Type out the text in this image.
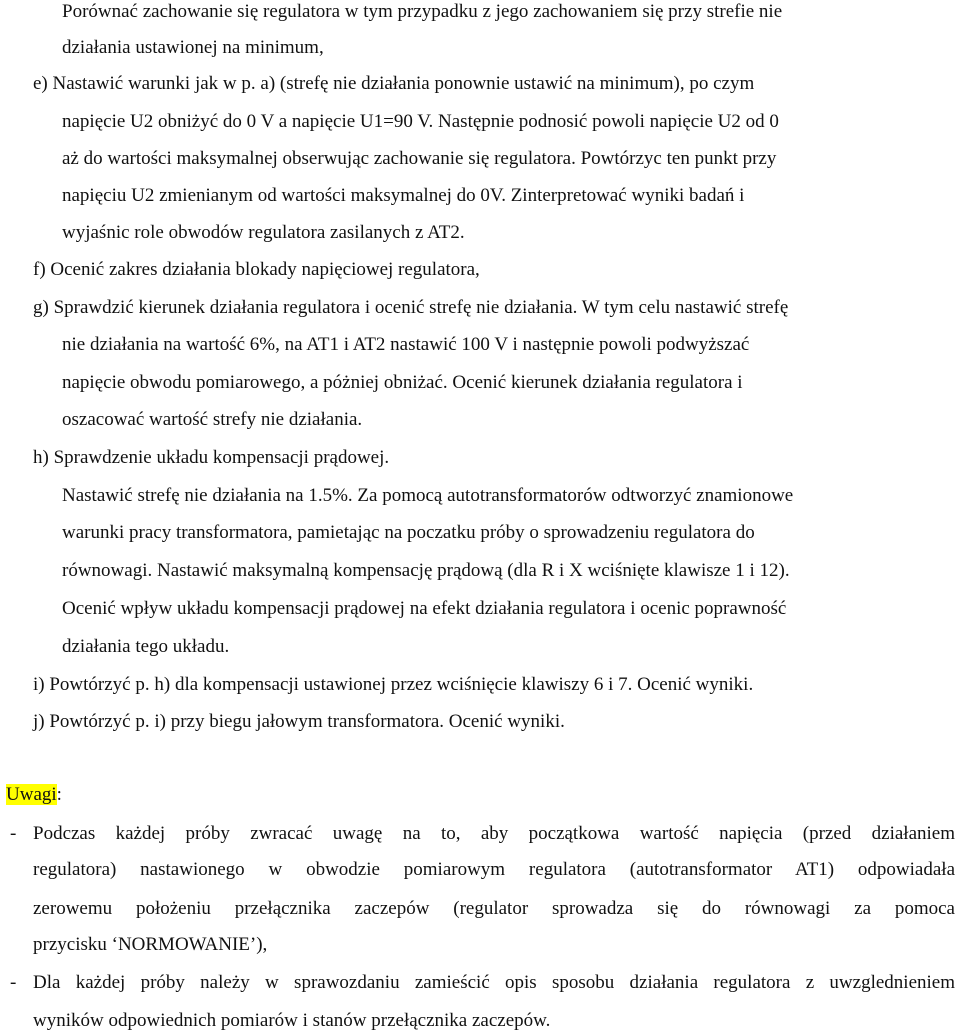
Porównać zachowanie się regulatora w tym przypadku z jego zachowaniem się przy strefie nie
działania ustawionej na minimum,
e) Nastawić warunki jak w p. a) (strefę nie działania ponownie ustawić na minimum), po czym
napięcie U2 obniżyć do 0 V a napięcie U1=90 V. Następnie podnosić powoli napięcie U2 od 0
aż do wartości maksymalnej obserwując zachowanie się regulatora. Powtórzyc ten punkt przy
napięciu U2 zmienianym od wartości maksymalnej do 0V. Zinterpretować wyniki badań i
wyjaśnic role obwodów regulatora zasilanych z AT2.
f) Ocenić zakres działania blokady napięciowej regulatora,
g) Sprawdzić kierunek działania regulatora i ocenić strefę nie działania. W tym celu nastawić strefę
nie działania na wartość 6%, na AT1 i AT2 nastawić 100 V i następnie powoli podwyższać
napięcie obwodu pomiarowego, a póżniej obniżać. Ocenić kierunek działania regulatora i
oszacować wartość strefy nie działania.
h) Sprawdzenie układu kompensacji prądowej.
Nastawić strefę nie działania na 1.5%. Za pomocą autotransformatorów odtworzyć znamionowe
warunki pracy transformatora, pamietając na poczatku próby o sprowadzeniu regulatora do
równowagi. Nastawić maksymalną kompensację prądową (dla R i X wciśnięte klawisze 1 i 12).
Ocenić wpływ układu kompensacji prądowej na efekt działania regulatora i ocenic poprawność
działania tego układu.
i) Powtórzyć p. h) dla kompensacji ustawionej przez wciśnięcie klawiszy 6 i 7. Ocenić wyniki.
j) Powtórzyć p. i) przy biegu jałowym transformatora. Ocenić wyniki.
Uwagi:
- Podczas każdej próby zwracać uwagę na to, aby początkowa wartość napięcia (przed działaniem
regulatora) nastawionego w obwodzie pomiarowym regulatora (autotransformator AT1) odpowiadała
zerowemu położeniu przełącznika zaczepów (regulator sprowadza się do równowagi za pomoca
przycisku ‘NORMOWANIE’),
- Dla każdej próby należy w sprawozdaniu zamieścić opis sposobu działania regulatora z uwzglednieniem
wyników odpowiednich pomiarów i stanów przełącznika zaczepów.
